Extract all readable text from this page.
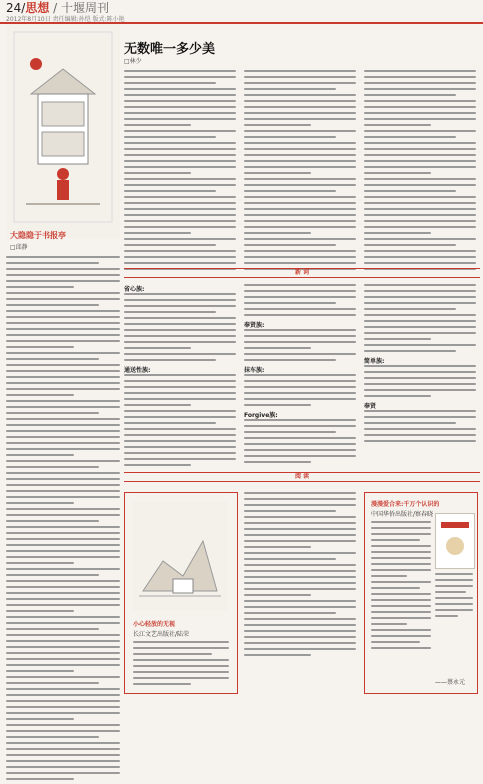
24/思想 / 十堰周刊
2012年8月10日 责任编辑:孙恺 版式:陈小艳
大隐隐于书报亭
□邱静
无数唯一多少美
□林少
新 词
省心族:
通送性族:
奉贤族:
抹车族:
Forgive族:
简单族:
奉贤
阅 读
小心轻放的无视
长江文艺出版社/陆荣
漫漫爱合来:千万个认识的
中国华侨出版社/察春晓
——蔡永元
